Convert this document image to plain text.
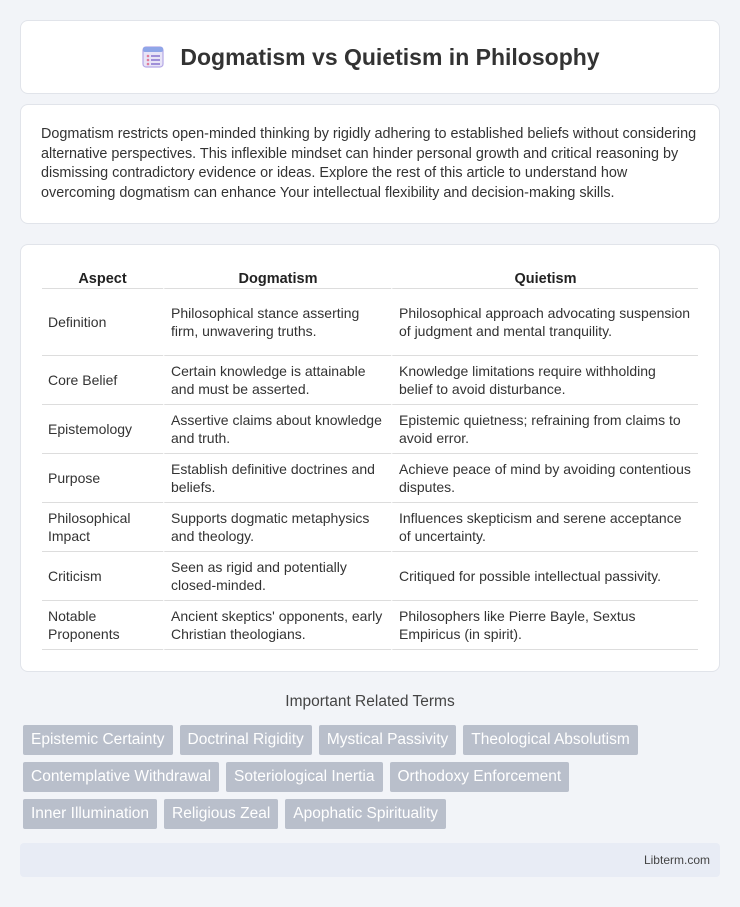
Dogmatism vs Quietism in Philosophy

Dogmatism restricts open-minded thinking by rigidly adhering to established beliefs without considering alternative perspectives. This inflexible mindset can hinder personal growth and critical reasoning by dismissing contradictory evidence or ideas. Explore the rest of this article to understand how overcoming dogmatism can enhance Your intellectual flexibility and decision-making skills.

Aspect	Dogmatism	Quietism
Definition	Philosophical stance asserting firm, unwavering truths.	Philosophical approach advocating suspension of judgment and mental tranquility.
Core Belief	Certain knowledge is attainable and must be asserted.	Knowledge limitations require withholding belief to avoid disturbance.
Epistemology	Assertive claims about knowledge and truth.	Epistemic quietness; refraining from claims to avoid error.
Purpose	Establish definitive doctrines and beliefs.	Achieve peace of mind by avoiding contentious disputes.
Philosophical Impact	Supports dogmatic metaphysics and theology.	Influences skepticism and serene acceptance of uncertainty.
Criticism	Seen as rigid and potentially closed-minded.	Critiqued for possible intellectual passivity.
Notable Proponents	Ancient skeptics' opponents, early Christian theologians.	Philosophers like Pierre Bayle, Sextus Empiricus (in spirit).
Important Related Terms
Epistemic Certainty	Doctrinal Rigidity	Mystical Passivity	Theological Absolutism
Contemplative Withdrawal	Soteriological Inertia	Orthodoxy Enforcement
Inner Illumination	Religious Zeal	Apophatic Spirituality
Libterm.com
